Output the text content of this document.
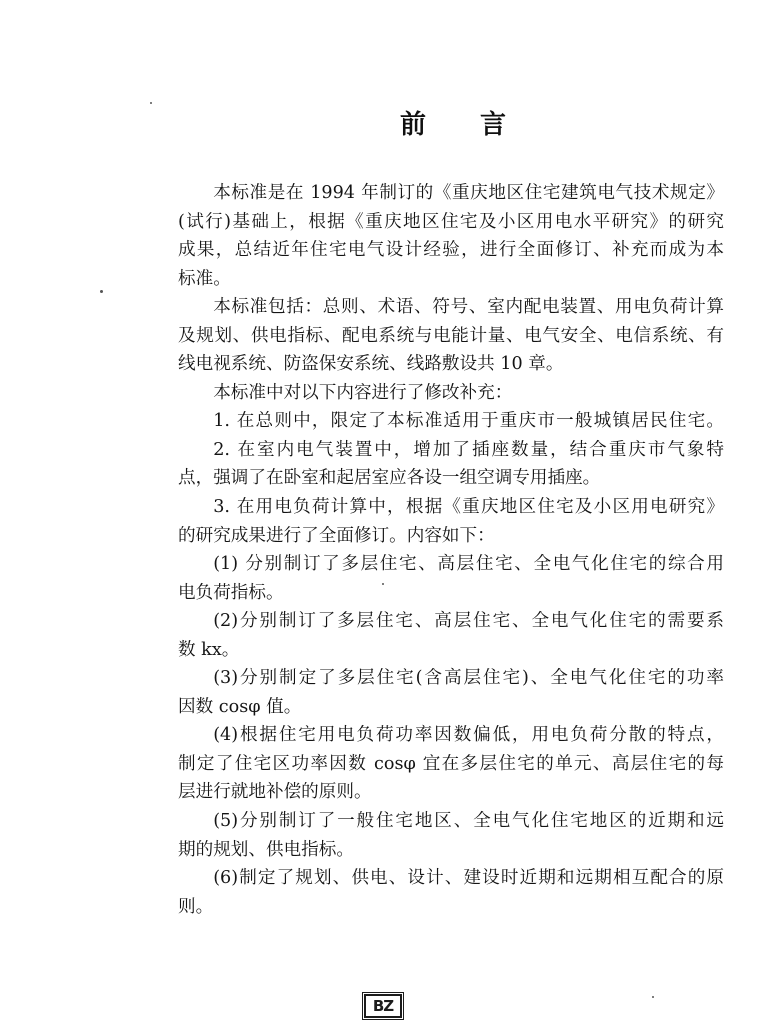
前 言
本标准是在 1994 年制订的《重庆地区住宅建筑电气技术规定》
(试行)基础上，根据《重庆地区住宅及小区用电水平研究》的研究
成果，总结近年住宅电气设计经验，进行全面修订、补充而成为本
标准。
本标准包括：总则、术语、符号、室内配电装置、用电负荷计算
及规划、供电指标、配电系统与电能计量、电气安全、电信系统、有
线电视系统、防盗保安系统、线路敷设共 10 章。
本标准中对以下内容进行了修改补充：
1. 在总则中，限定了本标准适用于重庆市一般城镇居民住宅。
2. 在室内电气装置中，增加了插座数量，结合重庆市气象特
点，强调了在卧室和起居室应各设一组空调专用插座。
3. 在用电负荷计算中，根据《重庆地区住宅及小区用电研究》
的研究成果进行了全面修订。内容如下：
(1) 分别制订了多层住宅、高层住宅、全电气化住宅的综合用
电负荷指标。
(2)分别制订了多层住宅、高层住宅、全电气化住宅的需要系
数 kx。
(3)分别制定了多层住宅(含高层住宅)、全电气化住宅的功率
因数 cosφ 值。
(4)根据住宅用电负荷功率因数偏低，用电负荷分散的特点，
制定了住宅区功率因数 cosφ 宜在多层住宅的单元、高层住宅的每
层进行就地补偿的原则。
(5)分别制订了一般住宅地区、全电气化住宅地区的近期和远
期的规划、供电指标。
(6)制定了规划、供电、设计、建设时近期和远期相互配合的原
则。
BZ
